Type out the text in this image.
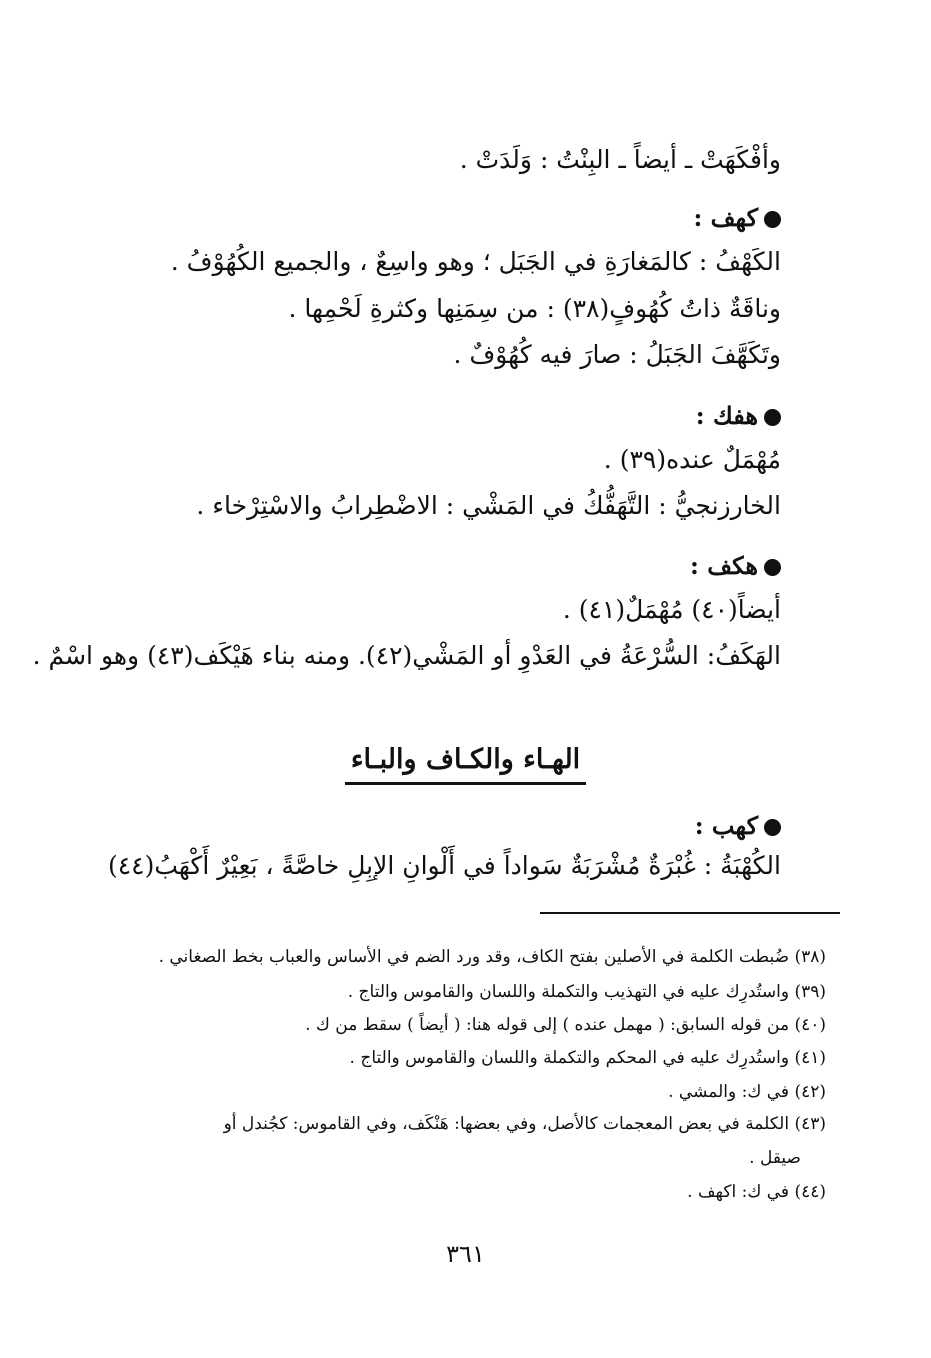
وأفْكَهَتْ ـ أيضاً ـ البِنْتُ : وَلَدَتْ .
كهف :
الكَهْفُ : كالمَغارَةِ في الجَبَل ؛ وهو واسِعٌ ، والجميع الكُهُوْفُ .
وناقَةٌ ذاتُ كُهُوفٍ(٣٨) : من سِمَنِها وكثرةِ لَحْمِها .
وتَكَهَّفَ الجَبَلُ : صارَ فيه كُهُوْفٌ .
هفك :
مُهْمَلٌ عنده(٣٩) .
الخارزنجيُّ : التَّهَفُّكُ في المَشْي : الاضْطِرابُ والاسْتِرْخاء .
هكف :
أيضاً(٤٠) مُهْمَلٌ(٤١) .
الهَكَفُ: السُّرْعَةُ في العَدْوِ أو المَشْي(٤٢). ومنه بناء هَيْكَف(٤٣) وهو اسْمٌ .
الهـاء والكـاف والبـاء
كهب :
الكُهْبَةُ : غُبْرَةٌ مُشْرَبَةٌ سَواداً في أَلْوانِ الإبِلِ خاصَّةً ، بَعِيْرٌ أَكْهَبُ(٤٤)
(٣٨) ضُبطت الكلمة في الأصلين بفتح الكاف، وقد ورد الضم في الأساس والعباب بخط الصغاني .
(٣٩) واستُدرِك عليه في التهذيب والتكملة واللسان والقاموس والتاج .
(٤٠) من قوله السابق: ( مهمل عنده ) إلى قوله هنا: ( أيضاً ) سقط من ك .
(٤١) واستُدرِك عليه في المحكم والتكملة واللسان والقاموس والتاج .
(٤٢) في ك: والمشي .
(٤٣) الكلمة في بعض المعجمات كالأصل، وفي بعضها: هَنْكَف، وفي القاموس: كجُندل أو
صيقل .
(٤٤) في ك: اكهف .
٣٦١
